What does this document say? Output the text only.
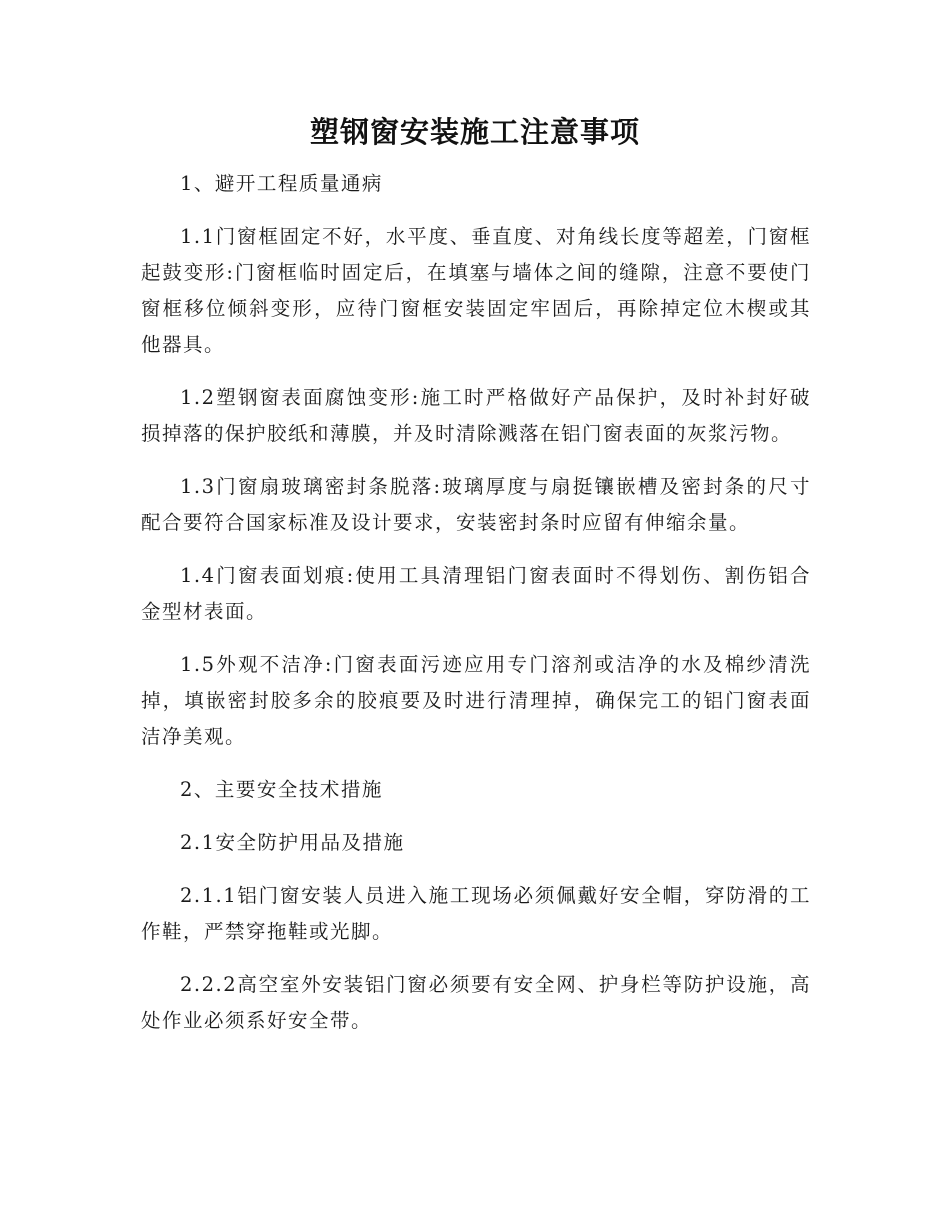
塑钢窗安装施工注意事项

1、避开工程质量通病

1.1门窗框固定不好，水平度、垂直度、对角线长度等超差，门窗框起鼓变形:门窗框临时固定后，在填塞与墙体之间的缝隙，注意不要使门窗框移位倾斜变形，应待门窗框安装固定牢固后，再除掉定位木楔或其他器具。

1.2塑钢窗表面腐蚀变形:施工时严格做好产品保护，及时补封好破损掉落的保护胶纸和薄膜，并及时清除溅落在铝门窗表面的灰浆污物。

1.3门窗扇玻璃密封条脱落:玻璃厚度与扇挺镶嵌槽及密封条的尺寸配合要符合国家标准及设计要求，安装密封条时应留有伸缩余量。

1.4门窗表面划痕:使用工具清理铝门窗表面时不得划伤、割伤铝合金型材表面。

1.5外观不洁净:门窗表面污迹应用专门溶剂或洁净的水及棉纱清洗掉，填嵌密封胶多余的胶痕要及时进行清理掉，确保完工的铝门窗表面洁净美观。

2、主要安全技术措施

2.1安全防护用品及措施

2.1.1铝门窗安装人员进入施工现场必须佩戴好安全帽，穿防滑的工作鞋，严禁穿拖鞋或光脚。

2.2.2高空室外安装铝门窗必须要有安全网、护身栏等防护设施，高处作业必须系好安全带。
